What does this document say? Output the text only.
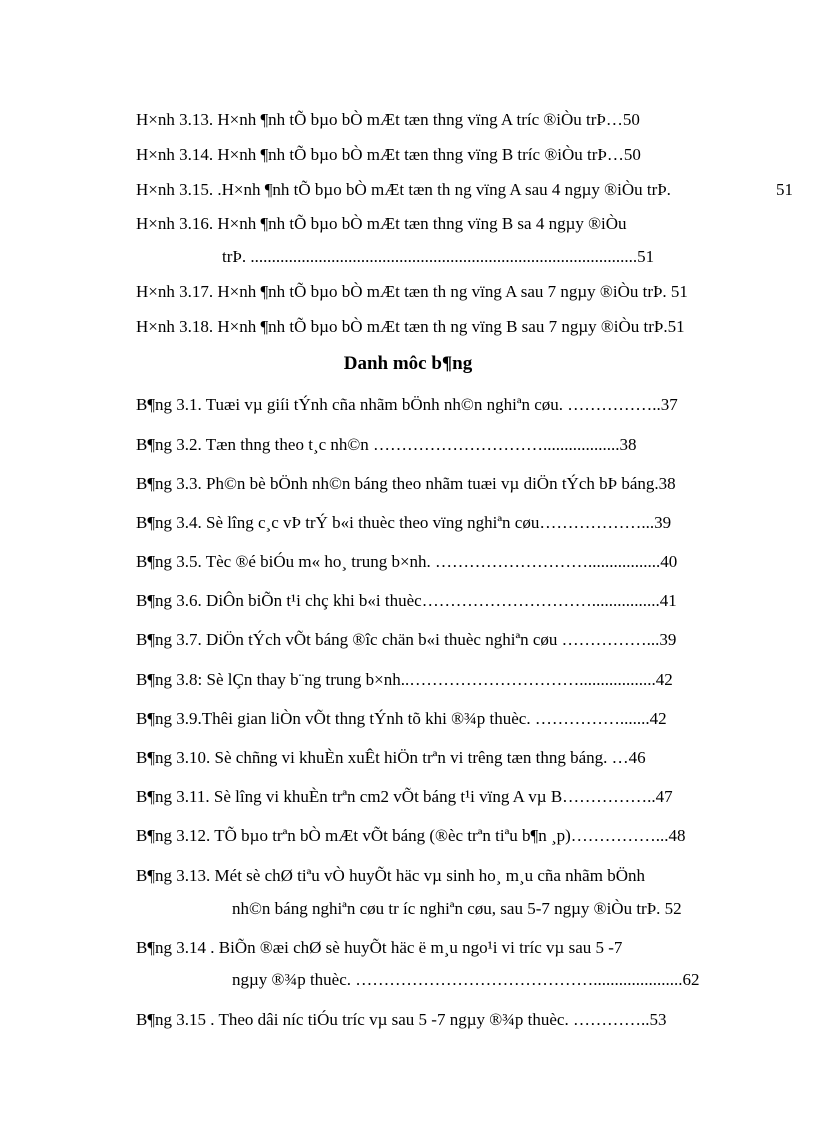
H×nh 3.13. H×nh ¶nh tÕ bµo bÒ mÆt tæn thng vïng A tríc ®iÒu trÞ…50
H×nh 3.14. H×nh ¶nh tÕ bµo bÒ mÆt tæn thng vïng B tríc ®iÒu trÞ…50
H×nh 3.15. .H×nh ¶nh tÕ bµo bÒ mÆt tæn th ng vïng A sau 4 ngµy ®iÒu trÞ.	51
H×nh 3.16. H×nh ¶nh tÕ bµo bÒ mÆt tæn thng vïng B sa 4 ngµy ®iÒu
trÞ. ...........................................................................................51
H×nh 3.17. H×nh ¶nh tÕ bµo bÒ mÆt tæn th ng vïng A sau 7 ngµy ®iÒu trÞ. 51
H×nh 3.18. H×nh ¶nh tÕ bµo bÒ mÆt tæn th ng vïng B sau 7 ngµy ®iÒu trÞ.51
Danh môc b¶ng
B¶ng 3.1. Tuæi vµ giíi tÝnh cña nhãm bÖnh nh©n nghiªn cøu. ……………..37
B¶ng 3.2. Tæn thng theo t¸c nh©n …………………………..................38
B¶ng 3.3. Ph©n bè bÖnh nh©n báng theo nhãm tuæi vµ diÖn tÝch bÞ báng.38
B¶ng 3.4. Sè lîng c¸c vÞ trÝ b«i thuèc theo vïng nghiªn cøu………………...39
B¶ng 3.5. Tèc ®é biÓu m« ho¸ trung b×nh. ……………………….................40
B¶ng 3.6. DiÔn biÕn t¹i chç khi b«i thuèc…………………………................41
B¶ng 3.7. DiÖn tÝch vÕt báng ®îc chän b«i thuèc nghiªn cøu ……………...39
B¶ng 3.8: Sè lÇn thay b¨ng trung b×nh..…………………………..................42
B¶ng 3.9.Thêi gian liÒn vÕt thng tÝnh tõ khi ®¾p thuèc. …………….......42
B¶ng 3.10. Sè chñng vi khuÈn xuÊt hiÖn trªn vi trêng tæn thng báng. …46
B¶ng 3.11. Sè lîng vi khuÈn trªn cm2 vÕt báng t¹i vïng A vµ B……………..47
B¶ng 3.12. TÕ bµo trªn bÒ mÆt vÕt báng (®èc trªn tiªu b¶n ¸p)……………...48
B¶ng 3.13. Mét sè chØ tiªu vÒ huyÕt häc vµ sinh ho¸ m¸u cña nhãm bÖnh
nh©n báng nghiªn cøu tr íc nghiªn cøu, sau 5-7 ngµy ®iÒu trÞ. 52
B¶ng 3.14 . BiÕn ®æi chØ sè huyÕt häc ë m¸u ngo¹i vi tríc vµ sau 5 -7
ngµy ®¾p thuèc. …………………………………….....................62
B¶ng 3.15 . Theo dâi níc tiÓu tríc vµ sau 5 -7 ngµy ®¾p thuèc. …………..53
